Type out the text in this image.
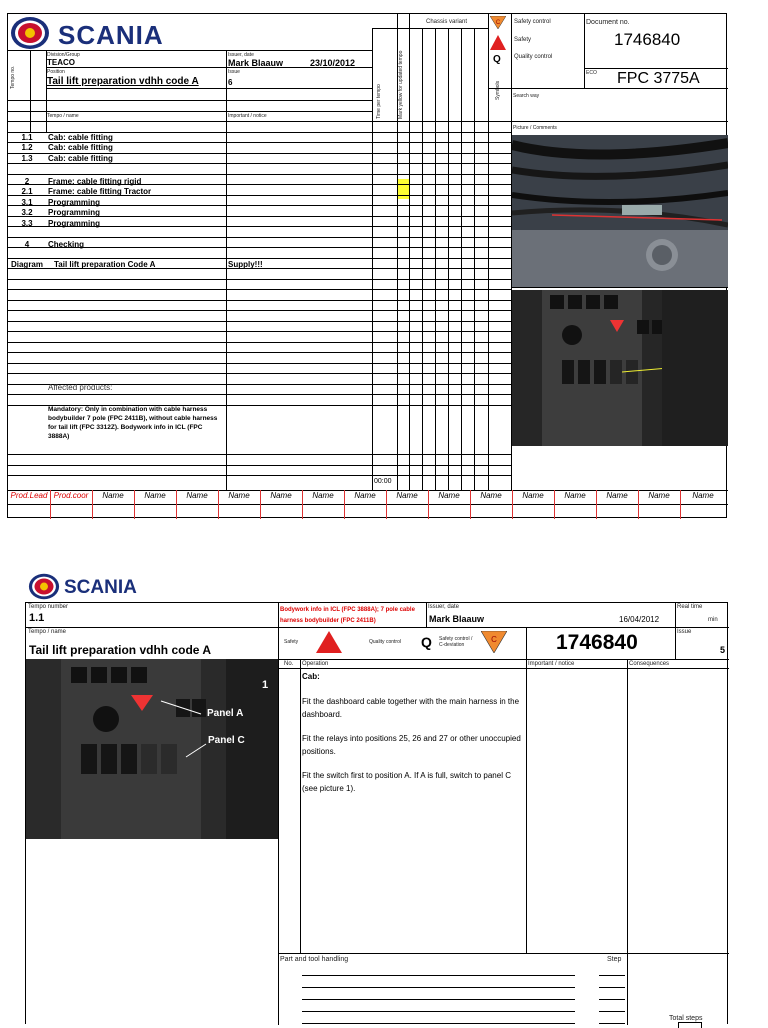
SCANIA
Tempo no.
Division/Group
TEACO
Issuer, date
Mark Blaauw	23/10/2012
Position
Tail lift preparation vdhh code A
Issue
6
Tempo / name	Important / notice	Time per tempo	Mark yellow for updated tempo
Chassis variant	C
Q
Symbols
Safety control
Safety
Quality control
Document no.
1746840
ECO FPC 3775A
Search way
Picture / Comments
1.1	Cab: cable fitting
1.2	Cab: cable fitting
1.3	Cab: cable fitting
2	Frame: cable fitting rigid
2.1	Frame: cable fitting Tractor
3.1	Programming
3.2	Programming
3.3	Programming
4	Checking
Diagram	Tail lift preparation Code A	Supply!!!
Affected products:
Mandatory: Only in combination with cable harness bodybuilder 7 pole (FPC 2411B), without cable harness for tail lift (FPC 3312Z). Bodywork info in ICL (FPC 3888A)
00:00
Prod.Lead Prod.coor	Name	Name	Name	Name	Name	Name	Name	Name	Name	Name	Name	Name	Name	Name	Name
SCANIA
Tempo number
1.1
Tempo / name
Tail lift preparation vdhh code A
Bodywork info in ICL (FPC 3888A); 7 pole cable harness bodybuilder (FPC 2411B)
Issuer, date
Mark Blaauw	16/04/2012
Real time
min
Safety	Quality control Q Safety control / C-deviation
C	1746840	Issue
5
No. Operation	Important / notice	Consequences
Cab:
Fit the dashboard cable together with the main harness in the dashboard.
Fit the relays into positions 25, 26 and 27 or other unoccupied positions.
Fit the switch first to position A. If A is full, switch to panel C (see picture 1).
1
Panel A
Panel C
Part and tool handling	Step
Total steps
